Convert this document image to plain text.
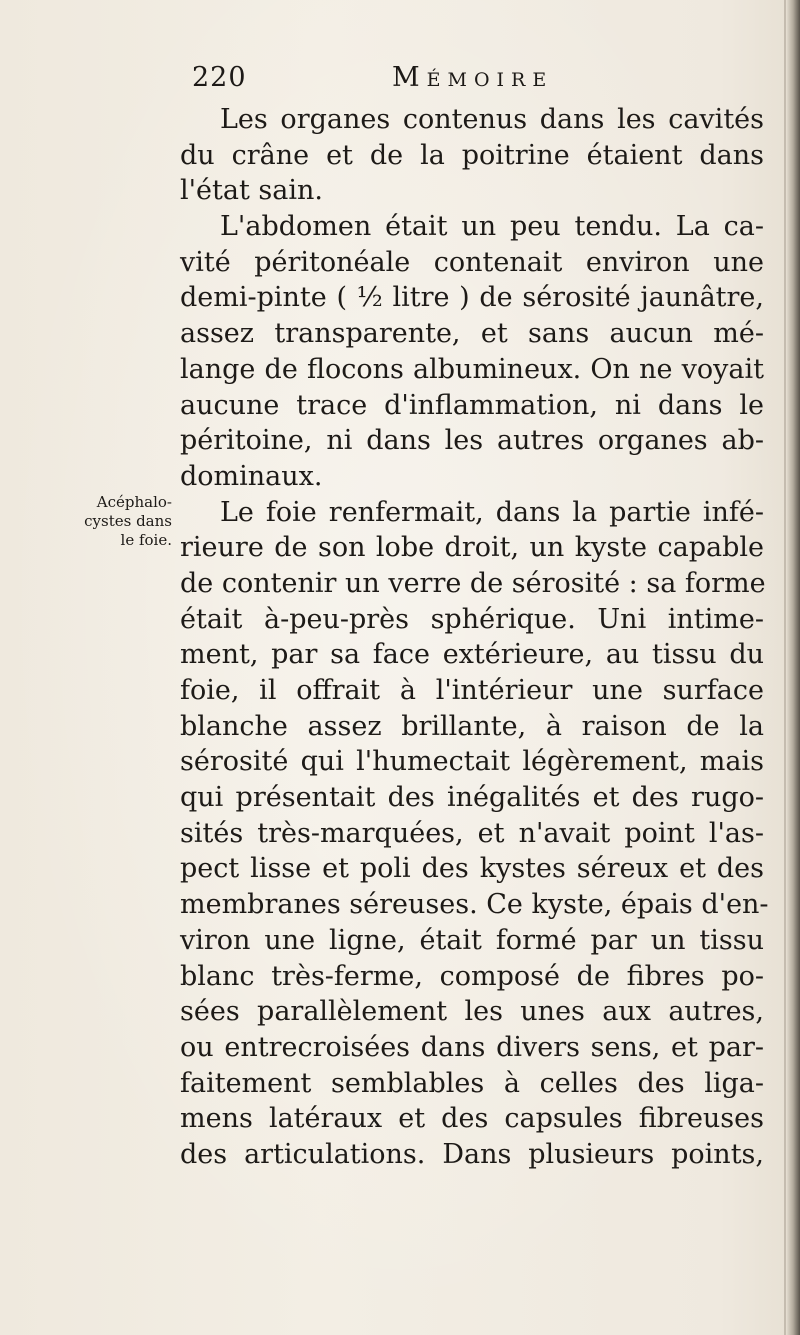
220	Mémoire
Acéphalo-
cystes dans
le foie.
Les organes contenus dans les cavités
du crâne et de la poitrine étaient dans
l'état sain.
L'abdomen était un peu tendu. La ca-
vité péritonéale contenait environ une
demi-pinte ( ½ litre ) de sérosité jaunâtre,
assez transparente, et sans aucun mé-
lange de flocons albumineux. On ne voyait
aucune trace d'inflammation, ni dans le
péritoine, ni dans les autres organes ab-
dominaux.
Le foie renfermait, dans la partie infé-
rieure de son lobe droit, un kyste capable
de contenir un verre de sérosité : sa forme
était à-peu-près sphérique. Uni intime-
ment, par sa face extérieure, au tissu du
foie, il offrait à l'intérieur une surface
blanche assez brillante, à raison de la
sérosité qui l'humectait légèrement, mais
qui présentait des inégalités et des rugo-
sités très-marquées, et n'avait point l'as-
pect lisse et poli des kystes séreux et des
membranes séreuses. Ce kyste, épais d'en-
viron une ligne, était formé par un tissu
blanc très-ferme, composé de fibres po-
sées parallèlement les unes aux autres,
ou entrecroisées dans divers sens, et par-
faitement semblables à celles des liga-
mens latéraux et des capsules fibreuses
des articulations. Dans plusieurs points,
